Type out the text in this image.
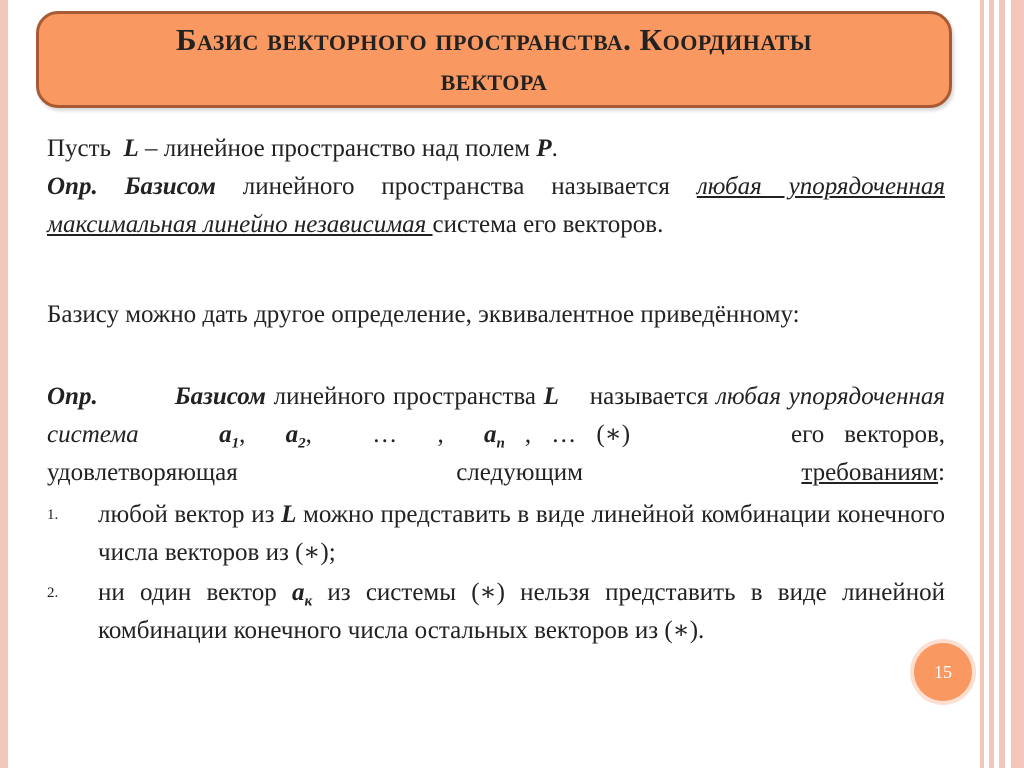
Базис векторного пространства. Координаты
вектора

Пусть  L – линейное пространство над полем P.

Опр. Базисом линейного пространства называется любая упорядоченная максимальная линейно независимая система его векторов.

Базису можно дать другое определение, эквивалентное приведённому:

Опр.	Базисом линейного пространства L    называется любая упорядоченная система	$a_1$,  $a_2$,   …  ,  $a_n$ , … (∗)	его векторов,
удовлетворяющая следующим требованиям:

1.	любой вектор из L можно представить в виде линейной комбинации конечного числа векторов из (∗);
2.	ни один вектор $a_к$ из системы (∗) нельзя представить в виде линейной комбинации конечного числа остальных векторов из (∗).
15
